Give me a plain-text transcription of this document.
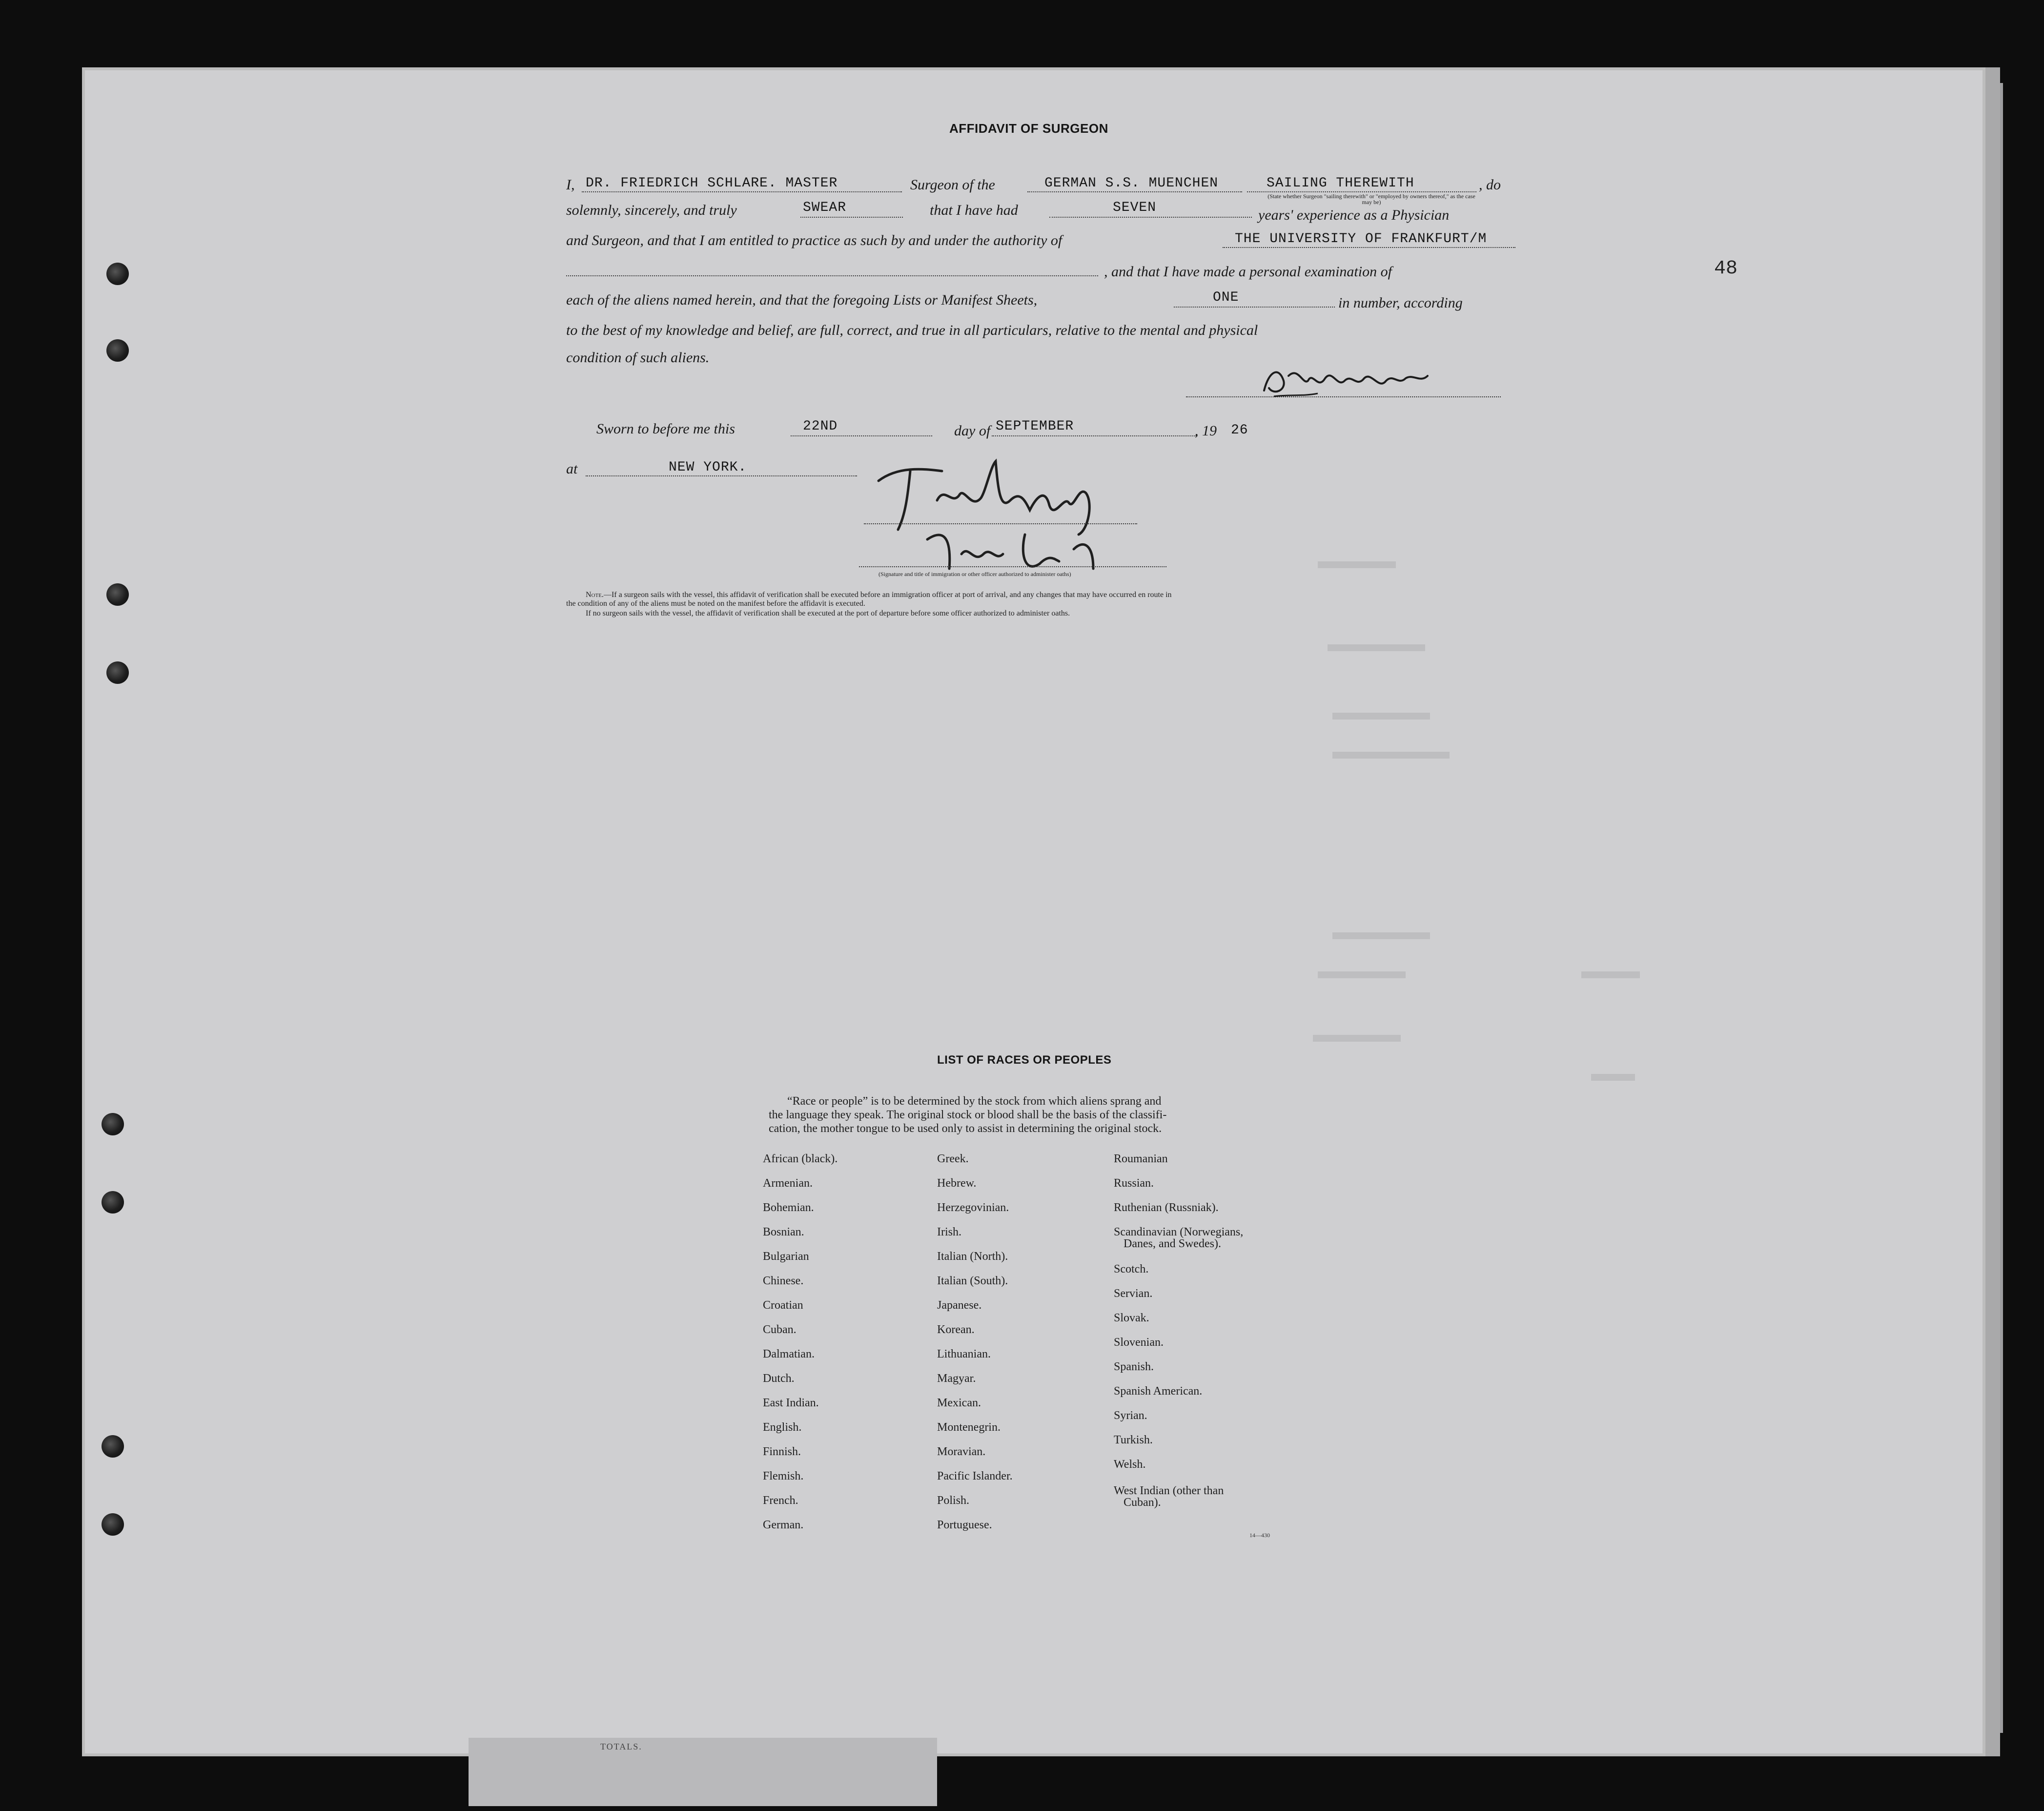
TOTALS.
48
AFFIDAVIT OF SURGEON
I, DR. FRIEDRICH SCHLARE. MASTER	Surgeon of the	GERMAN S.S. MUENCHEN	SAILING THEREWITH	, do
(State whether Surgeon "sailing therewith" or "employed by owners thereof," as the case may be)
solemnly, sincerely, and truly	SWEAR	that I have had	SEVEN	years' experience as a Physician
and Surgeon, and that I am entitled to practice as such by and under the authority of	THE UNIVERSITY OF FRANKFURT/M
, and that I have made a personal examination of
each of the aliens named herein, and that the foregoing Lists or Manifest Sheets,	ONE	in number, according
to the best of my knowledge and belief, are full, correct, and true in all particulars, relative to the mental and physical
condition of such aliens.
Sworn to before me this	22ND	day of SEPTEMBER	, 19 26
at	NEW YORK.
(Signature and title of immigration or other officer authorized to administer oaths)
Note.—If a surgeon sails with the vessel, this affidavit of verification shall be executed before an immigration officer at port of arrival, and any changes that may have occurred en route in
the condition of any of the aliens must be noted on the manifest before the affidavit is executed.
If no surgeon sails with the vessel, the affidavit of verification shall be executed at the port of departure before some officer authorized to administer oaths.
LIST OF RACES OR PEOPLES
“Race or people” is to be determined by the stock from which aliens sprang and
the language they speak. The original stock or blood shall be the basis of the classifi-
cation, the mother tongue to be used only to assist in determining the original stock.
African (black).
Armenian.
Bohemian.
Bosnian.
Bulgarian
Chinese.
Croatian
Cuban.
Dalmatian.
Dutch.
East Indian.
English.
Finnish.
Flemish.
French.
German.
Greek.
Hebrew.
Herzegovinian.
Irish.
Italian (North).
Italian (South).
Japanese.
Korean.
Lithuanian.
Magyar.
Mexican.
Montenegrin.
Moravian.
Pacific Islander.
Polish.
Portuguese.
Roumanian
Russian.
Ruthenian (Russniak).
Scandinavian (Norwegians,
Danes, and Swedes).
Scotch.
Servian.
Slovak.
Slovenian.
Spanish.
Spanish American.
Syrian.
Turkish.
Welsh.
West Indian (other than
Cuban).
14—430
